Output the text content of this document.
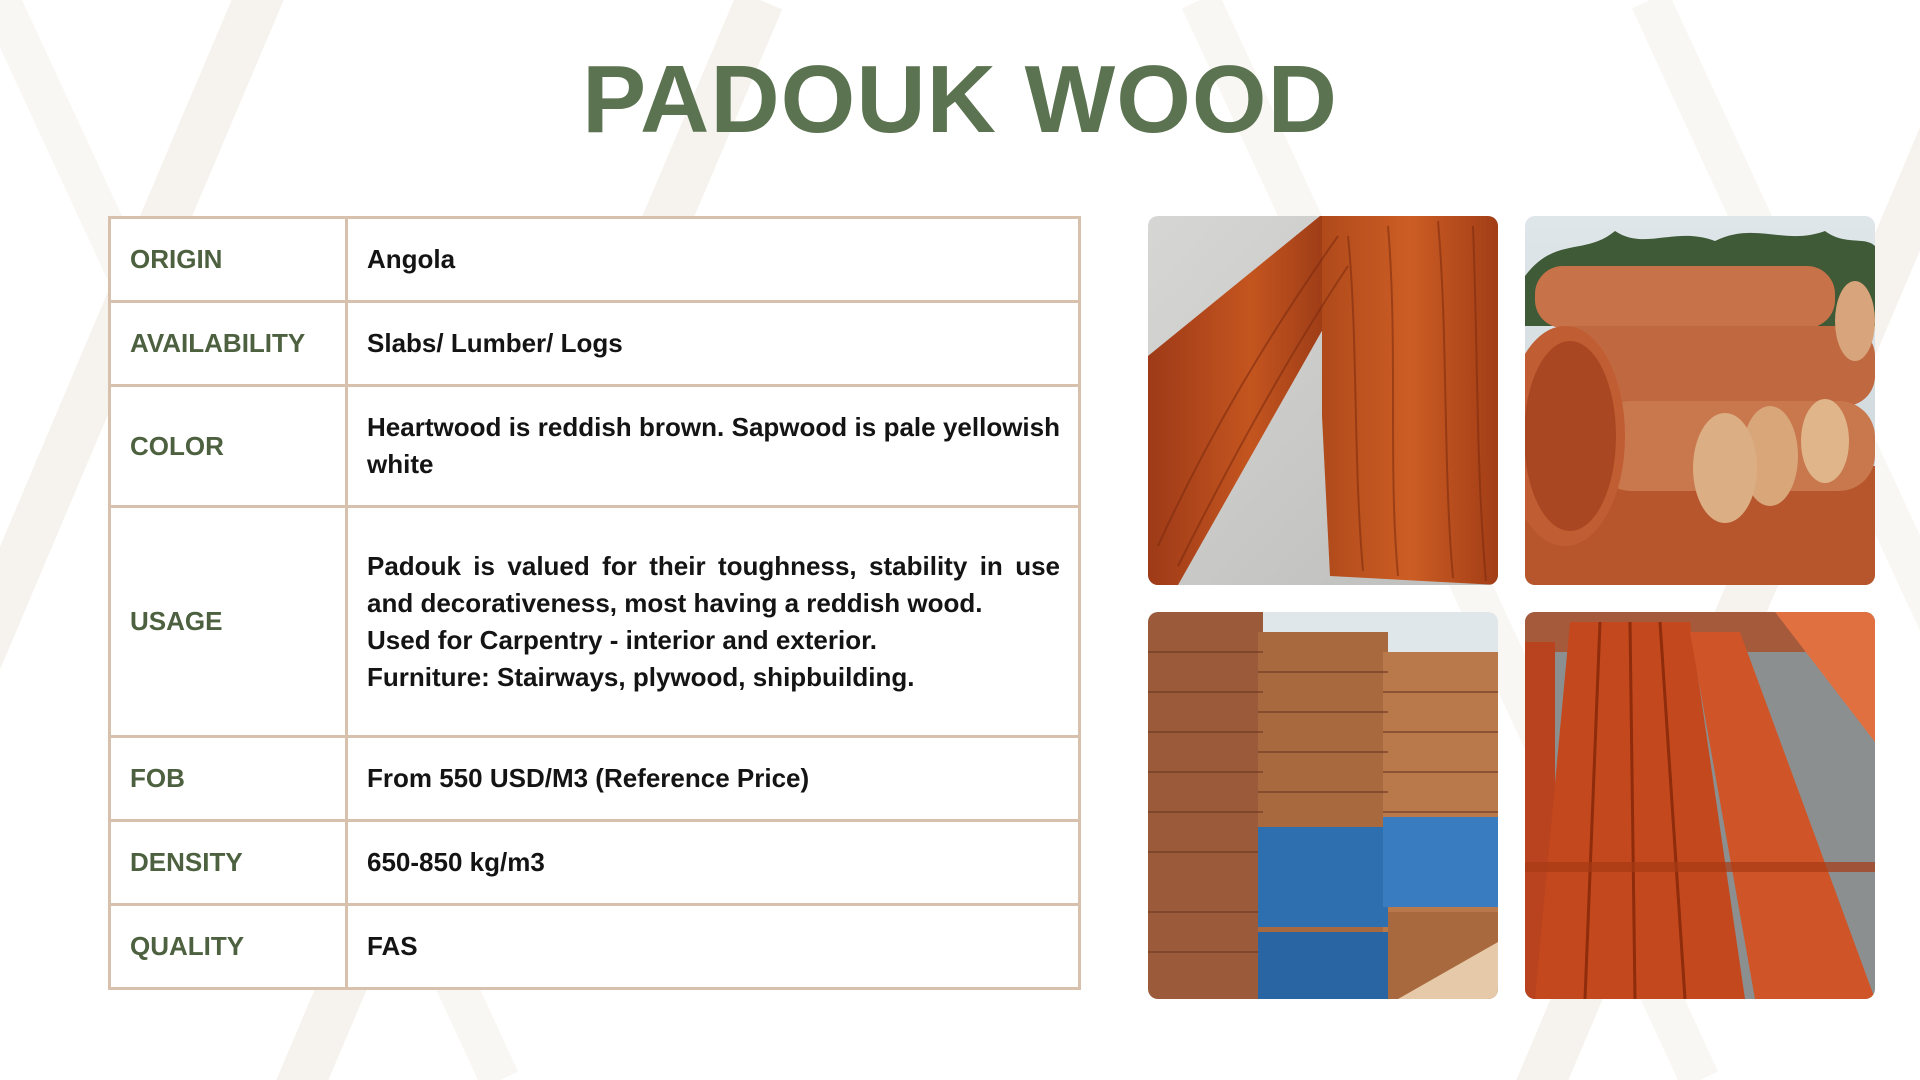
PADOUK WOOD
ORIGIN	Angola

AVAILABILITY	Slabs/ Lumber/ Logs

COLOR	Heartwood is reddish brown. Sapwood is pale yellowish white

USAGE	Padouk is valued for their toughness, stability in use and decorativeness, most having a reddish wood.
Used for Carpentry - interior and exterior.
Furniture: Stairways, plywood, shipbuilding.

FOB	From 550 USD/M3 (Reference Price)

DENSITY	650-850 kg/m3

QUALITY	FAS
